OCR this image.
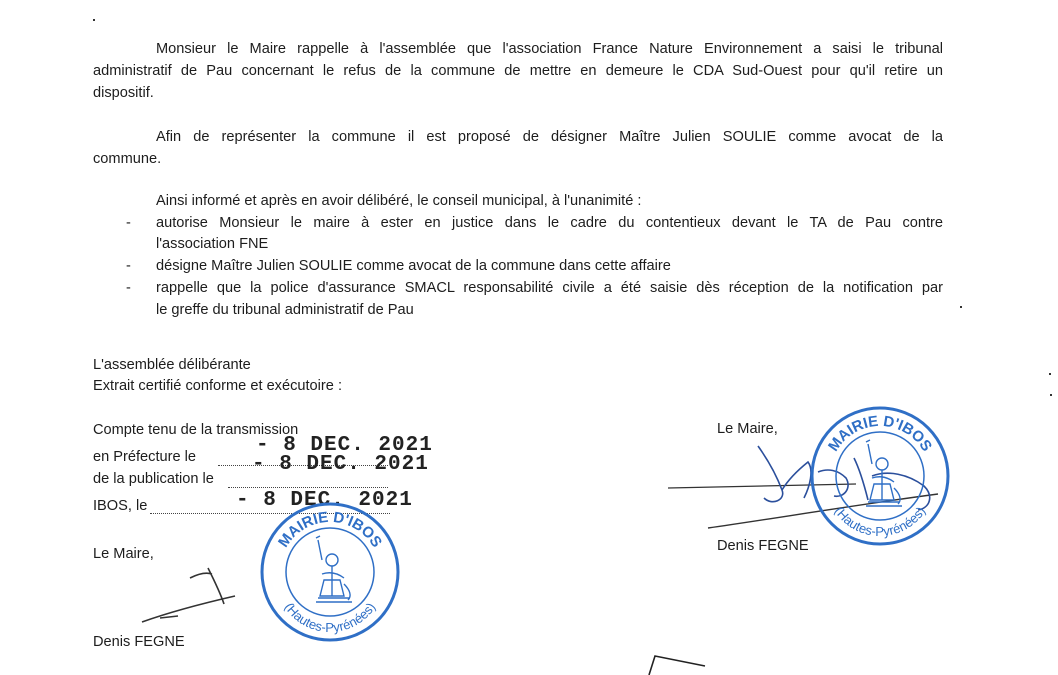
Monsieur le Maire rappelle à l'assemblée que l'association France Nature Environnement a saisi le tribunal
administratif de Pau concernant le refus de la commune de mettre en demeure le CDA Sud-Ouest pour qu'il retire un
dispositif.
Afin de représenter la commune il est proposé de désigner Maître Julien SOULIE comme avocat de la
commune.
Ainsi informé et après en avoir délibéré, le conseil municipal, à l'unanimité :
- autorise Monsieur le maire à ester en justice dans le cadre du contentieux devant le TA de Pau contre
l'association FNE
- désigne Maître Julien SOULIE comme avocat de la commune dans cette affaire
- rappelle que la police d'assurance SMACL responsabilité civile a été saisie dès réception de la notification par
le greffe du tribunal administratif de Pau
L'assemblée délibérante
Extrait certifié conforme et exécutoire :
Compte tenu de la transmission
en Préfecture le	- 8 DEC. 2021
de la publication le
- 8 DEC. 2021
IBOS, le	- 8 DEC. 2021
Le Maire,
Denis FEGNE
MAIRIE D'IBOS
(Hautes-Pyrénées)
Le Maire,
Denis FEGNE
MAIRIE D'IBOS
(Hautes-Pyrénées)
